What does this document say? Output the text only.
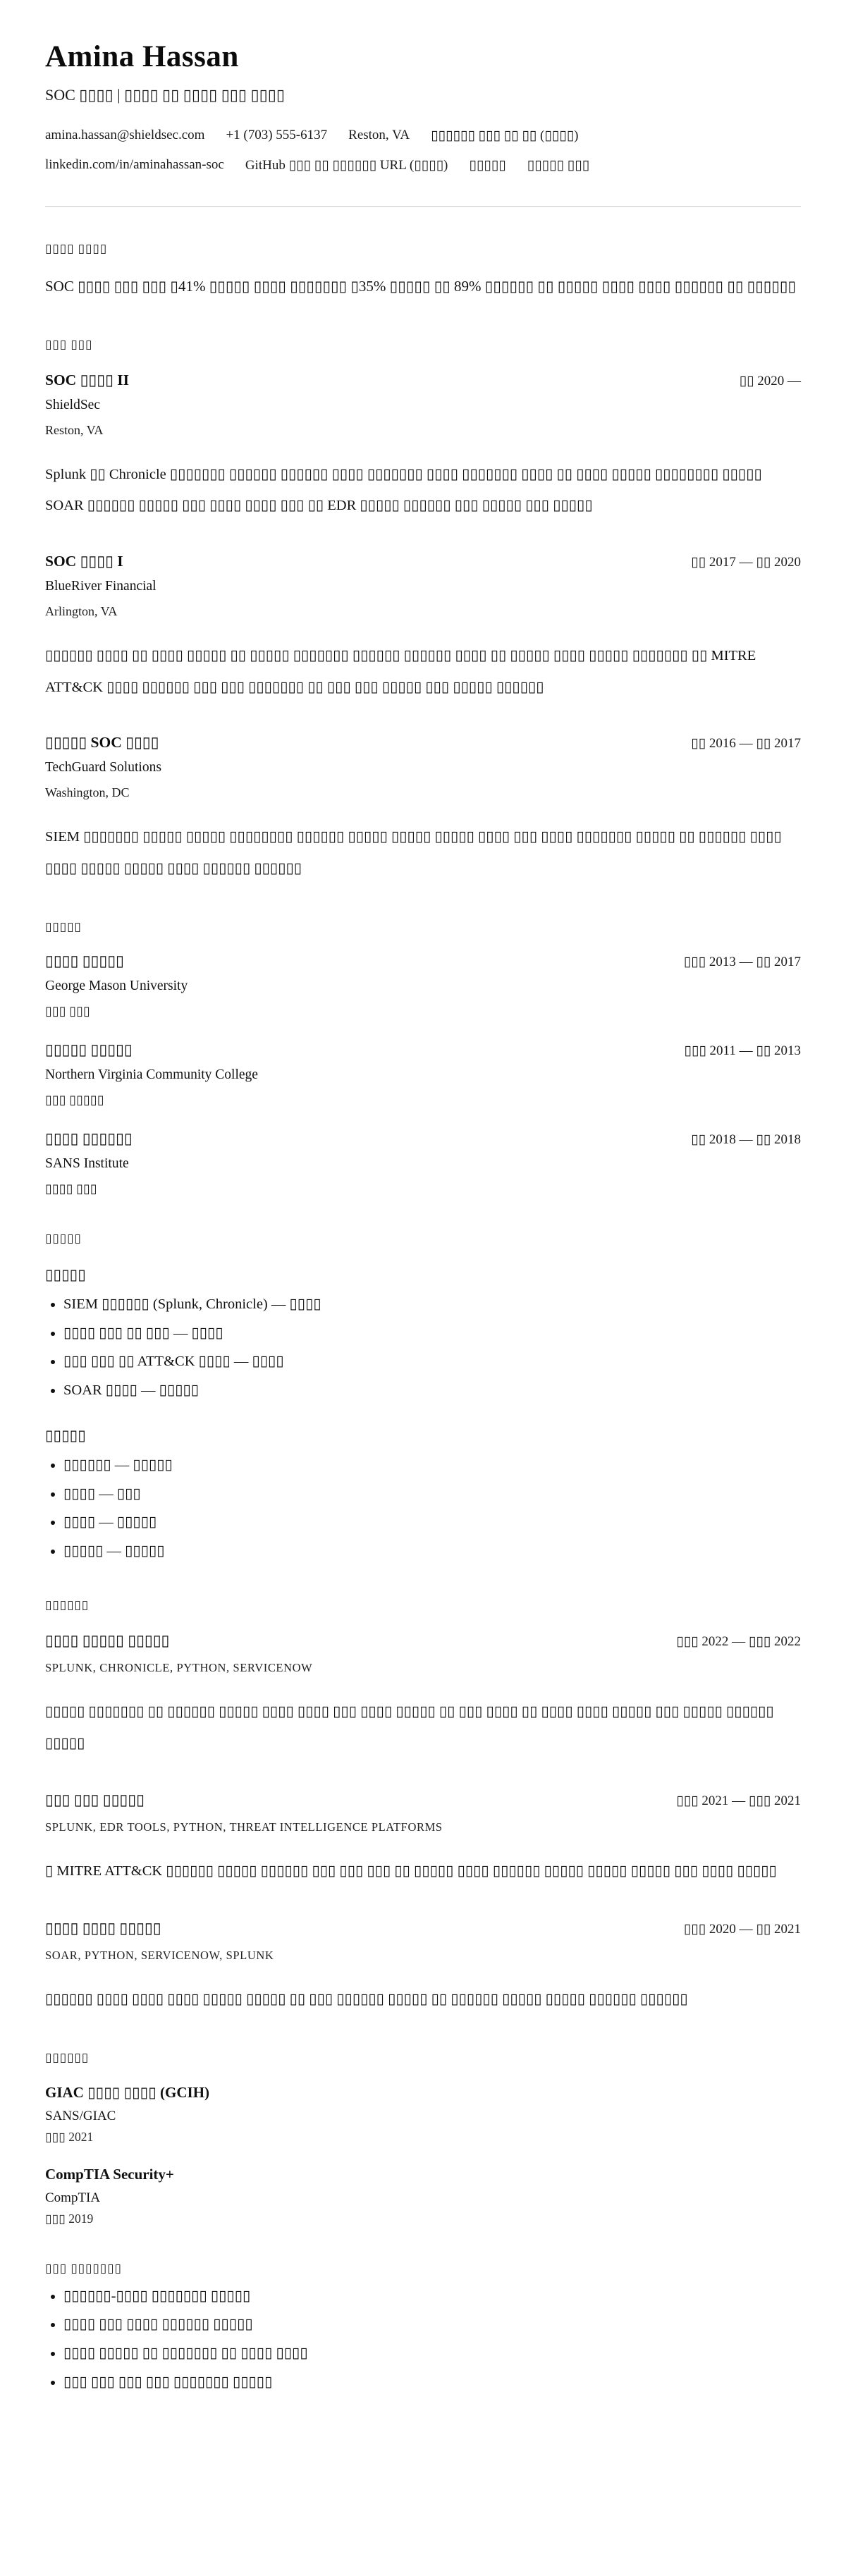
Amina Hassan
SOC ▯▯▯▯ | ▯▯▯▯ ▯▯ ▯▯▯▯ ▯▯▯ ▯▯▯▯
amina.hassan@shieldsec.com +1 (703) 555-6137 Reston, VA ▯▯▯▯▯▯ ▯▯▯ ▯▯ ▯▯ (▯▯▯▯)
linkedin.com/in/aminahassan-soc GitHub ▯▯▯ ▯▯ ▯▯▯▯▯▯ URL (▯▯▯▯) ▯▯▯▯▯ ▯▯▯▯▯ ▯▯▯
▯▯▯▯ ▯▯▯▯

SOC ▯▯▯▯ ▯▯▯ ▯▯▯ ▯41% ▯▯▯▯▯ ▯▯▯▯ ▯▯▯▯▯▯▯ ▯35% ▯▯▯▯▯ ▯▯ 89% ▯▯▯▯▯▯ ▯▯ ▯▯▯▯▯ ▯▯▯▯ ▯▯▯▯ ▯▯▯▯▯▯ ▯▯ ▯▯▯▯▯▯

▯▯▯ ▯▯▯
SOC ▯▯▯▯ II	▯▯ 2020 —
ShieldSec
Reston, VA

Splunk ▯▯ Chronicle ▯▯▯▯▯▯▯ ▯▯▯▯▯▯ ▯▯▯▯▯▯ ▯▯▯▯ ▯▯▯▯▯▯▯ ▯▯▯▯ ▯▯▯▯▯▯▯ ▯▯▯▯ ▯▯ ▯▯▯▯ ▯▯▯▯▯ ▯▯▯▯▯▯▯▯ ▯▯▯▯▯ SOAR ▯▯▯▯▯▯ ▯▯▯▯▯ ▯▯▯ ▯▯▯▯ ▯▯▯▯ ▯▯▯ ▯▯ EDR ▯▯▯▯▯ ▯▯▯▯▯▯ ▯▯▯ ▯▯▯▯▯ ▯▯▯ ▯▯▯▯▯

SOC ▯▯▯▯ I	▯▯ 2017 — ▯▯ 2020
BlueRiver Financial
Arlington, VA

▯▯▯▯▯▯ ▯▯▯▯ ▯▯ ▯▯▯▯ ▯▯▯▯▯ ▯▯ ▯▯▯▯▯ ▯▯▯▯▯▯▯ ▯▯▯▯▯▯ ▯▯▯▯▯▯ ▯▯▯▯ ▯▯ ▯▯▯▯▯ ▯▯▯▯ ▯▯▯▯▯ ▯▯▯▯▯▯▯ ▯▯ MITRE ATT&CK ▯▯▯▯ ▯▯▯▯▯▯ ▯▯▯ ▯▯▯ ▯▯▯▯▯▯▯ ▯▯ ▯▯▯ ▯▯▯ ▯▯▯▯▯ ▯▯▯ ▯▯▯▯▯ ▯▯▯▯▯▯

▯▯▯▯▯ SOC ▯▯▯▯	▯▯ 2016 — ▯▯ 2017
TechGuard Solutions
Washington, DC

SIEM ▯▯▯▯▯▯▯ ▯▯▯▯▯ ▯▯▯▯▯ ▯▯▯▯▯▯▯▯ ▯▯▯▯▯▯ ▯▯▯▯▯ ▯▯▯▯▯ ▯▯▯▯▯ ▯▯▯▯ ▯▯▯ ▯▯▯▯ ▯▯▯▯▯▯▯ ▯▯▯▯▯ ▯▯ ▯▯▯▯▯▯ ▯▯▯▯ ▯▯▯▯ ▯▯▯▯▯ ▯▯▯▯▯ ▯▯▯▯ ▯▯▯▯▯▯ ▯▯▯▯▯▯

▯▯▯▯▯
▯▯▯▯ ▯▯▯▯▯	▯▯▯ 2013 — ▯▯ 2017
George Mason University
▯▯▯ ▯▯▯
▯▯▯▯▯ ▯▯▯▯▯	▯▯▯ 2011 — ▯▯ 2013
Northern Virginia Community College
▯▯▯ ▯▯▯▯▯
▯▯▯▯ ▯▯▯▯▯▯	▯▯ 2018 — ▯▯ 2018
SANS Institute
▯▯▯▯ ▯▯▯
▯▯▯▯▯
▯▯▯▯▯
• SIEM ▯▯▯▯▯▯ (Splunk, Chronicle) — ▯▯▯▯
• ▯▯▯▯ ▯▯▯ ▯▯ ▯▯▯ — ▯▯▯▯
• ▯▯▯ ▯▯▯ ▯▯ ATT&CK ▯▯▯▯ — ▯▯▯▯
• SOAR ▯▯▯▯ — ▯▯▯▯▯
▯▯▯▯▯
• ▯▯▯▯▯▯ — ▯▯▯▯▯
• ▯▯▯▯ — ▯▯▯
• ▯▯▯▯ — ▯▯▯▯▯
• ▯▯▯▯▯ — ▯▯▯▯▯
▯▯▯▯▯▯
▯▯▯▯ ▯▯▯▯▯ ▯▯▯▯▯	▯▯▯ 2022 — ▯▯▯ 2022
SPLUNK, CHRONICLE, PYTHON, SERVICENOW

▯▯▯▯▯ ▯▯▯▯▯▯▯ ▯▯ ▯▯▯▯▯▯ ▯▯▯▯▯ ▯▯▯▯ ▯▯▯▯ ▯▯▯ ▯▯▯▯ ▯▯▯▯▯ ▯▯ ▯▯▯ ▯▯▯▯ ▯▯ ▯▯▯▯ ▯▯▯▯ ▯▯▯▯▯ ▯▯▯ ▯▯▯▯▯ ▯▯▯▯▯▯ ▯▯▯▯▯

▯▯▯ ▯▯▯ ▯▯▯▯▯	▯▯▯ 2021 — ▯▯▯ 2021
SPLUNK, EDR TOOLS, PYTHON, THREAT INTELLIGENCE PLATFORMS

▯ MITRE ATT&CK ▯▯▯▯▯▯ ▯▯▯▯▯ ▯▯▯▯▯▯ ▯▯▯ ▯▯▯ ▯▯▯ ▯▯ ▯▯▯▯▯ ▯▯▯▯ ▯▯▯▯▯▯ ▯▯▯▯▯ ▯▯▯▯▯ ▯▯▯▯▯ ▯▯▯ ▯▯▯▯ ▯▯▯▯▯

▯▯▯▯ ▯▯▯▯ ▯▯▯▯▯	▯▯▯ 2020 — ▯▯ 2021
SOAR, PYTHON, SERVICENOW, SPLUNK

▯▯▯▯▯▯ ▯▯▯▯ ▯▯▯▯ ▯▯▯▯ ▯▯▯▯▯ ▯▯▯▯▯ ▯▯ ▯▯▯ ▯▯▯▯▯▯ ▯▯▯▯▯ ▯▯ ▯▯▯▯▯▯ ▯▯▯▯▯ ▯▯▯▯▯ ▯▯▯▯▯▯ ▯▯▯▯▯▯

▯▯▯▯▯▯
GIAC ▯▯▯▯ ▯▯▯▯ (GCIH)
SANS/GIAC
▯▯▯ 2021
CompTIA Security+
CompTIA
▯▯▯ 2019
▯▯▯ ▯▯▯▯▯▯▯
• ▯▯▯▯▯▯-▯▯▯▯ ▯▯▯▯▯▯▯ ▯▯▯▯▯
• ▯▯▯▯ ▯▯▯ ▯▯▯▯ ▯▯▯▯▯▯ ▯▯▯▯▯
• ▯▯▯▯ ▯▯▯▯▯ ▯▯ ▯▯▯▯▯▯▯ ▯▯ ▯▯▯▯ ▯▯▯▯
• ▯▯▯ ▯▯▯ ▯▯▯ ▯▯▯ ▯▯▯▯▯▯▯ ▯▯▯▯▯
